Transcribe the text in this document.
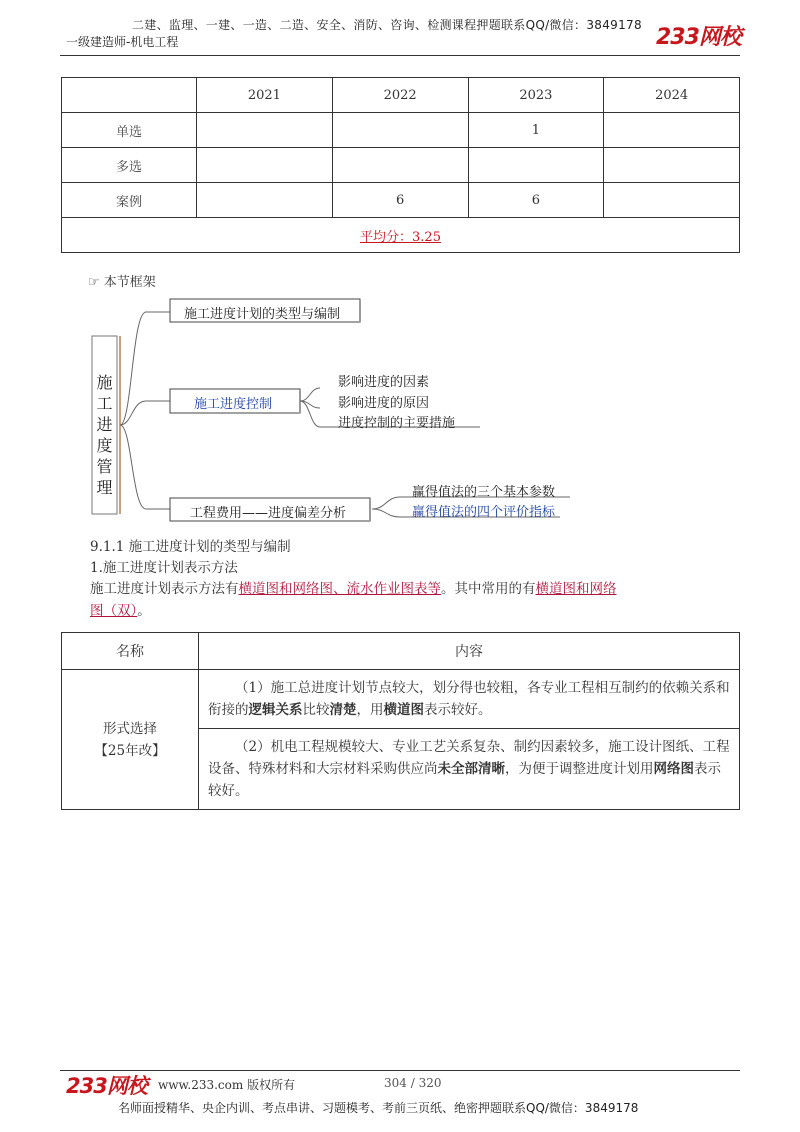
二建、监理、一建、一造、二造、安全、消防、咨询、检测课程押题联系QQ/微信：3849178
一级建造师-机电工程	233网校
	2021	2022	2023	2024
单选			1	
多选				
案例		6	6	
平均分：3.25				
☞ 本节框架
施
工
进
度
管
理
施工进度计划的类型与编制
施工进度控制
影响进度的因素
影响进度的原因
进度控制的主要措施
工程费用——进度偏差分析
赢得值法的三个基本参数
赢得值法的四个评价指标
9.1.1 施工进度计划的类型与编制
1.施工进度计划表示方法
施工进度计划表示方法有横道图和网络图、流水作业图表等。其中常用的有横道图和网络
图（双）。
名称	内容

形式选择
【25年改】	（1）施工总进度计划节点较大，划分得也较粗，各专业工程相互制约的依赖关系和衔接的逻辑关系比较清楚，用横道图表示较好。

	（2）机电工程规模较大、专业工艺关系复杂、制约因素较多，施工设计图纸、工程设备、特殊材料和大宗材料采购供应尚未全部清晰，为便于调整进度计划用网络图表示较好。
233网校 www.233.com 版权所有	304 / 320
名师面授精华、央企内训、考点串讲、习题模考、考前三页纸、绝密押题联系QQ/微信：3849178
